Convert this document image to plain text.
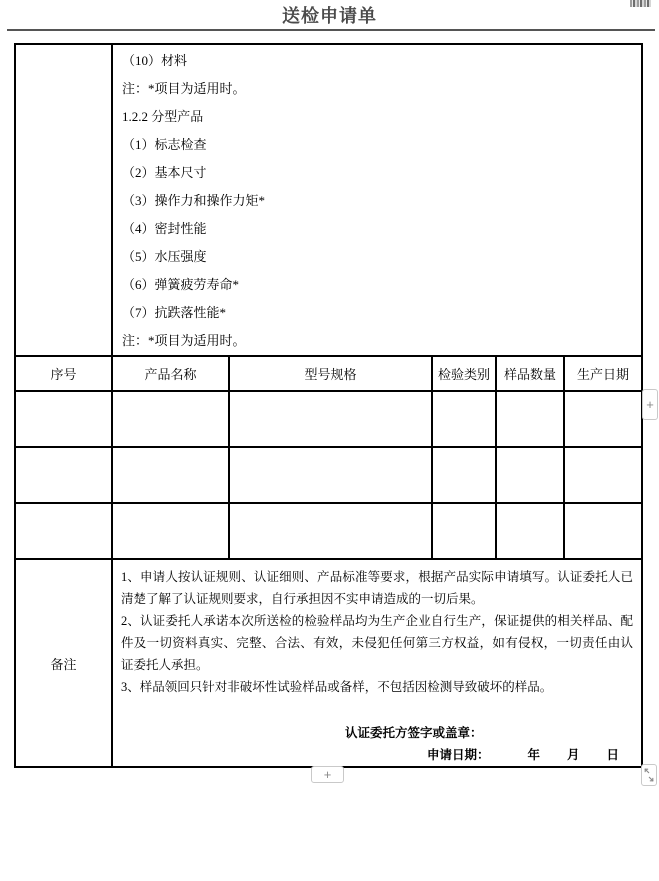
送检申请单

（10）材料
注：*项目为适用时。
1.2.2 分型产品
（1）标志检查
（2）基本尺寸
（3）操作力和操作力矩*
（4）密封性能
（5）水压强度
（6）弹簧疲劳寿命*
（7）抗跌落性能*
注：*项目为适用时。

序号	产品名称	型号规格	检验类别	样品数量	生产日期

备注	1、申请人按认证规则、认证细则、产品标准等要求，根据产品实际申请填写。认证委托人已清楚了解了认证规则要求，自行承担因不实申请造成的一切后果。
2、认证委托人承诺本次所送检的检验样品均为生产企业自行生产，保证提供的相关样品、配件及一切资料真实、完整、合法、有效，未侵犯任何第三方权益，如有侵权，一切责任由认证委托人承担。
3、样品领回只针对非破坏性试验样品或备样，不包括因检测导致破坏的样品。
认证委托方签字或盖章：
申请日期： 年 月 日				
+
+
